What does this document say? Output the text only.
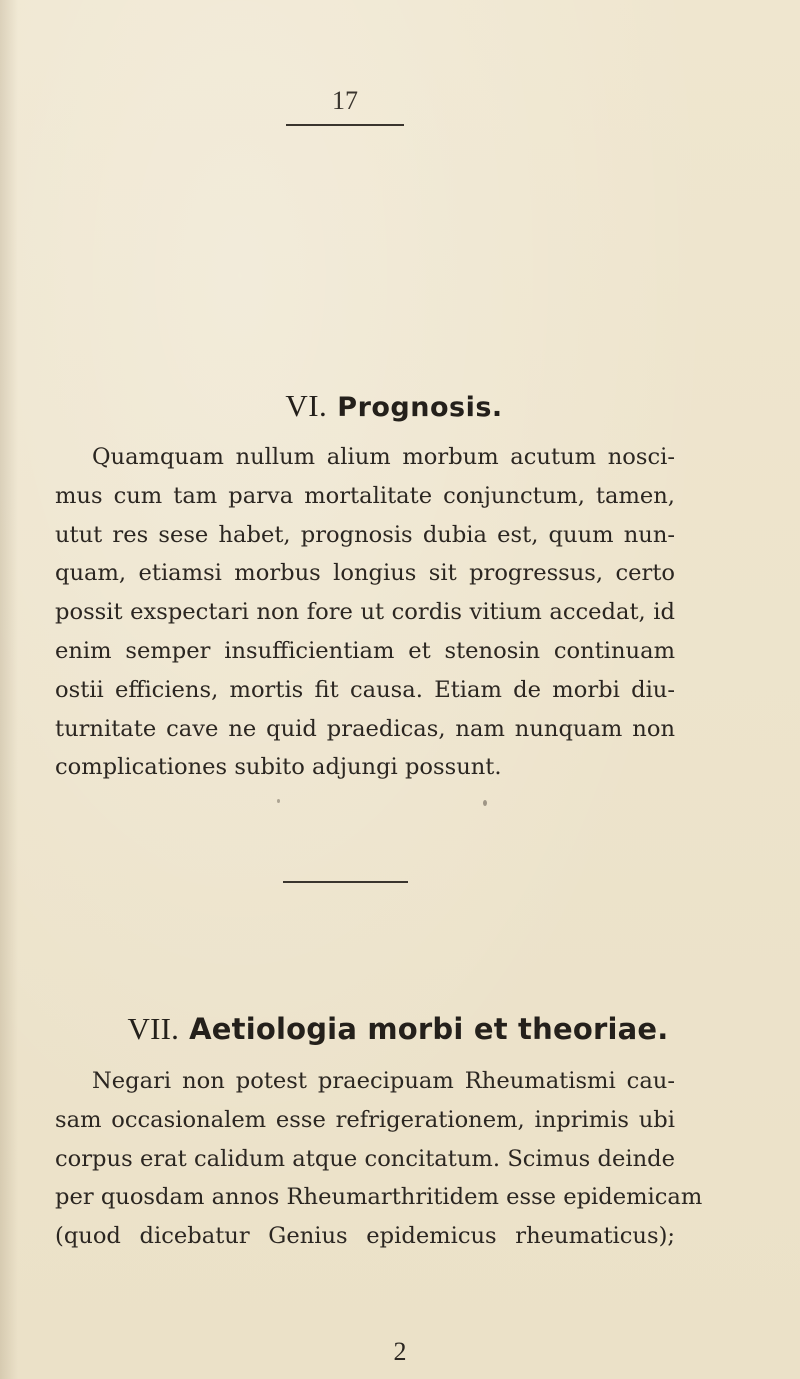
17
VI. Prognosis.
Quamquam nullum alium morbum acutum nosci-
mus cum tam parva mortalitate conjunctum, tamen,
utut res sese habet, prognosis dubia est, quum nun-
quam, etiamsi morbus longius sit progressus, certo
possit exspectari non fore ut cordis vitium accedat, id
enim semper insufficientiam et stenosin continuam
ostii efficiens, mortis fit causa. Etiam de morbi diu-
turnitate cave ne quid praedicas, nam nunquam non
complicationes subito adjungi possunt.
VII. Aetiologia morbi et theoriae.
Negari non potest praecipuam Rheumatismi cau-
sam occasionalem esse refrigerationem, inprimis ubi
corpus erat calidum atque concitatum. Scimus deinde
per quosdam annos Rheumarthritidem esse epidemicam
(quod dicebatur Genius epidemicus rheumaticus);
2
